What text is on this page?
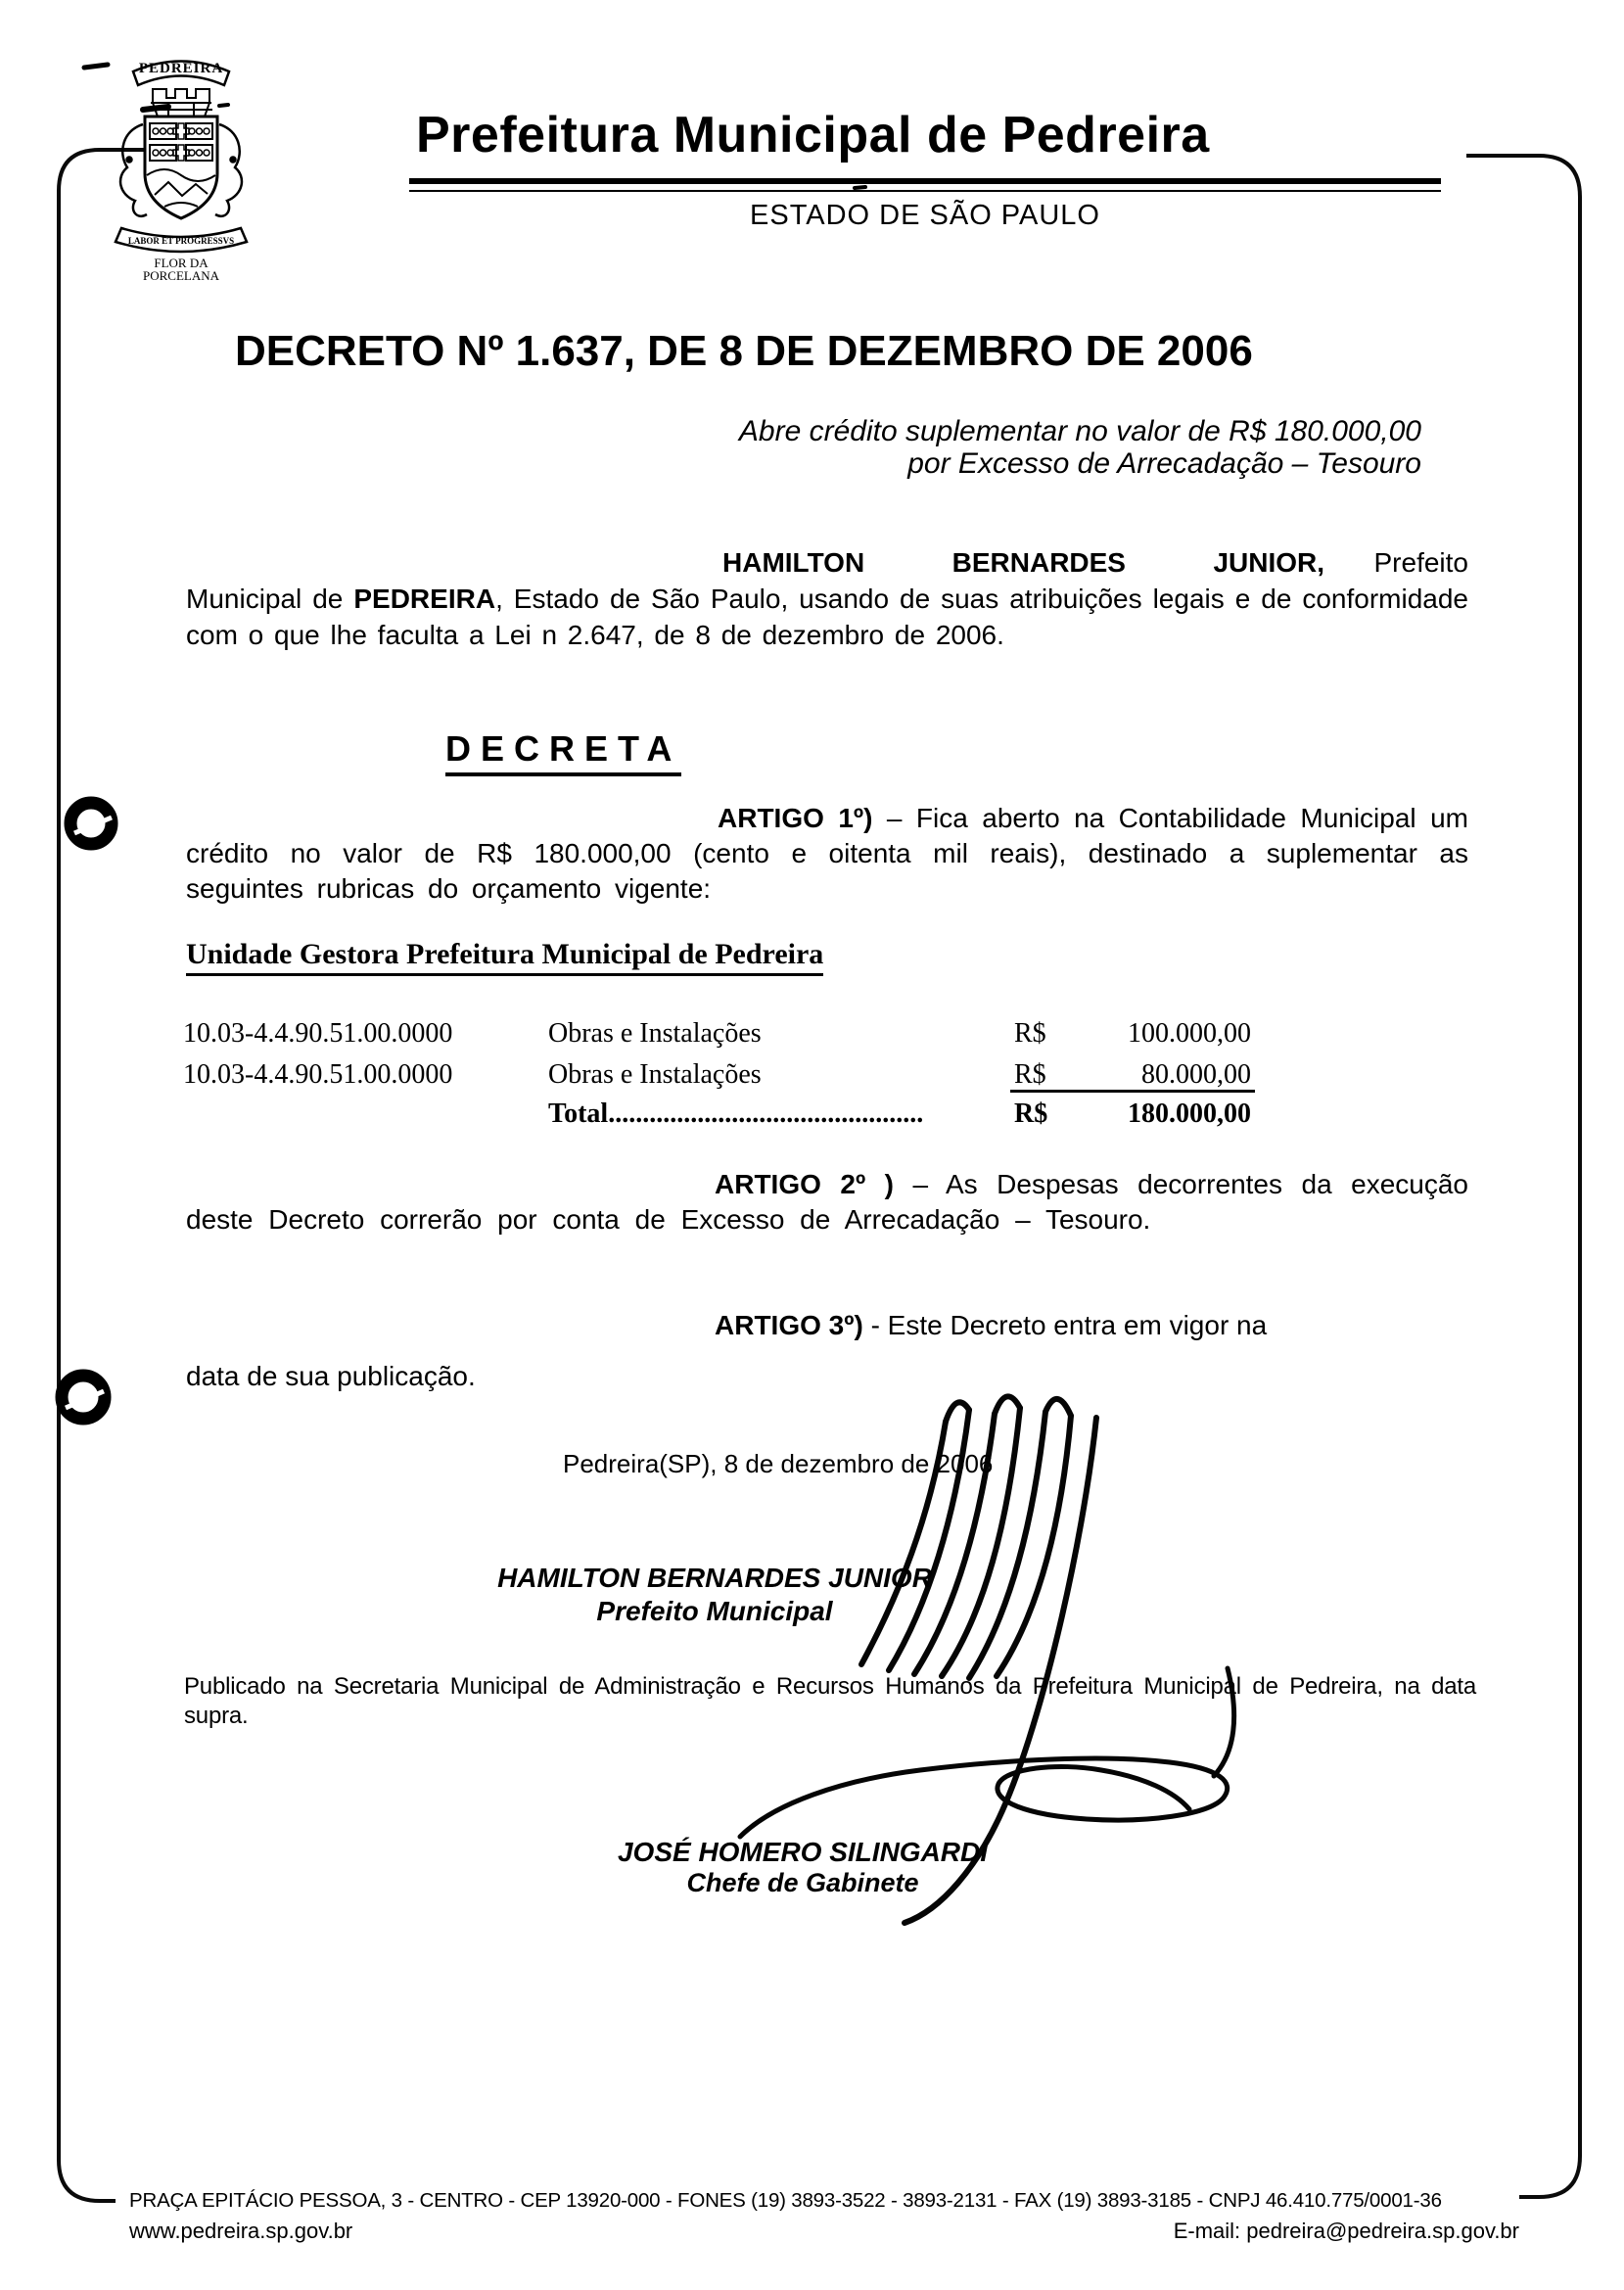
PEDREIRA
LABOR ET PROGRESSVS
FLOR DA
PORCELANA
Prefeitura Municipal de Pedreira
ESTADO DE SÃO PAULO
DECRETO Nº 1.637, DE 8 DE DEZEMBRO DE 2006
Abre crédito suplementar no valor de R$ 180.000,00
por Excesso de Arrecadação – Tesouro
HAMILTON BERNARDES JUNIOR, Prefeito Municipal de PEDREIRA, Estado de São Paulo, usando de suas atribuições legais e de conformidade com o que lhe faculta a Lei n 2.647, de 8 de dezembro de 2006.
DECRETA
ARTIGO 1º) – Fica aberto na Contabilidade Municipal um crédito no valor de R$ 180.000,00 (cento e oitenta mil reais), destinado a suplementar as seguintes rubricas do orçamento vigente:
Unidade Gestora Prefeitura Municipal de Pedreira
10.03-4.4.90.51.00.0000	Obras e Instalações	R$	100.000,00
10.03-4.4.90.51.00.0000	Obras e Instalações	R$	80.000,00
Total..............................................	R$	180.000,00
ARTIGO 2º ) – As Despesas decorrentes da execução deste Decreto correrão por conta de Excesso de Arrecadação – Tesouro.
ARTIGO 3º) - Este Decreto entra em vigor na
data de sua publicação.
Pedreira(SP), 8 de dezembro de 2006
HAMILTON BERNARDES JUNIOR
Prefeito Municipal
Publicado na Secretaria Municipal de Administração e Recursos Humanos da Prefeitura Municipal de Pedreira, na data supra.
JOSÉ HOMERO SILINGARDI
Chefe de Gabinete
PRAÇA EPITÁCIO PESSOA, 3 - CENTRO - CEP 13920-000 - FONES (19) 3893-3522 - 3893-2131 - FAX (19) 3893-3185 - CNPJ 46.410.775/0001-36
www.pedreira.sp.gov.br	E-mail: pedreira@pedreira.sp.gov.br
